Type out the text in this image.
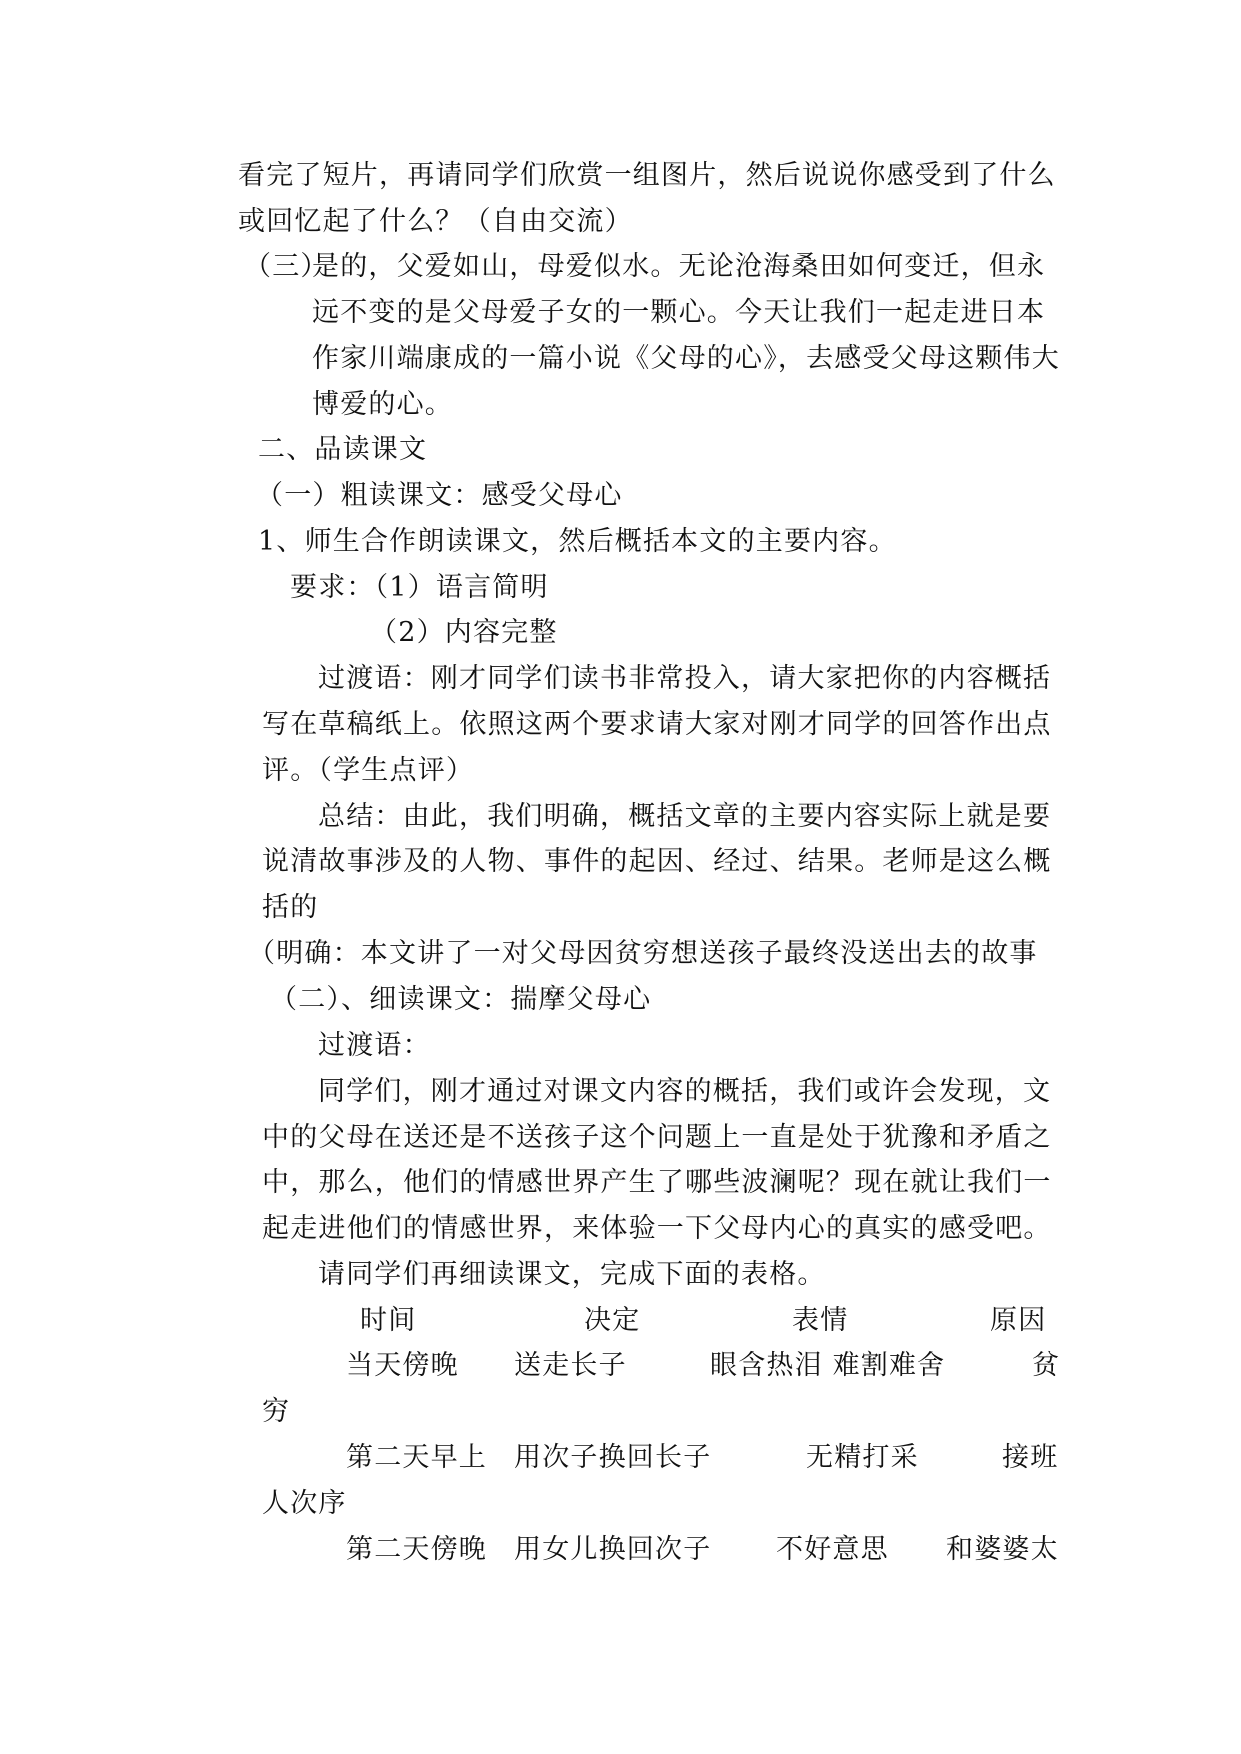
看完了短片，再请同学们欣赏一组图片，然后说说你感受到了什么
或回忆起了什么？（自由交流）
（三）
是的，父爱如山，母爱似水。无论沧海桑田如何变迁，但永
远不变的是父母爱子女的一颗心。今天让我们一起走进日本
作家川端康成的一篇小说《父母的心》，去感受父母这颗伟大
博爱的心。
二、品读课文
（一）粗读课文：感受父母心
1、师生合作朗读课文，然后概括本文的主要内容。
要求：（1）语言简明
（2）内容完整
过渡语：刚才同学们读书非常投入，请大家把你的内容概括
写在草稿纸上。依照这两个要求请大家对刚才同学的回答作出点
评。（学生点评）
总结：由此，我们明确，概括文章的主要内容实际上就是要
说清故事涉及的人物、事件的起因、经过、结果。老师是这么概
括的
（明确：本文讲了一对父母因贫穷想送孩子最终没送出去的故事
（二）、细读课文：揣摩父母心
过渡语：
同学们，刚才通过对课文内容的概括，我们或许会发现，文
中的父母在送还是不送孩子这个问题上一直是处于犹豫和矛盾之
中，那么，他们的情感世界产生了哪些波澜呢？现在就让我们一
起走进他们的情感世界，来体验一下父母内心的真实的感受吧。
请同学们再细读课文，完成下面的表格。
时间	决定	表情	原因
当天傍晚 送走长子	眼含热泪 难割难舍	贫
穷
第二天早上 用次子换回长子	无精打采	接班
人次序
第二天傍晚 用女儿换回次子 不好意思 和婆婆太
